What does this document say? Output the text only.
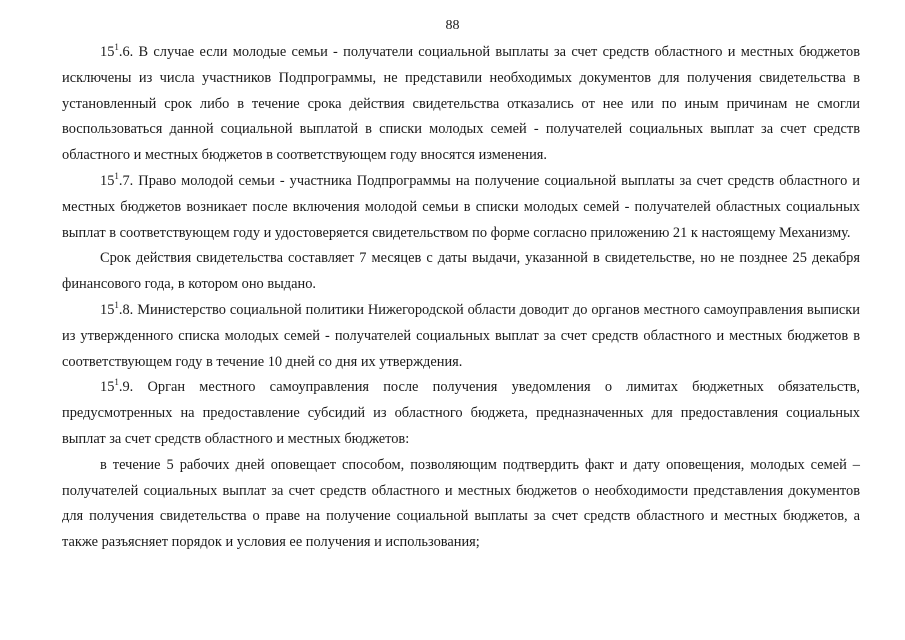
88

$15^1.6$. В случае если молодые семьи - получатели социальной выплаты за счет средств областного и местных бюджетов исключены из числа участников Подпрограммы, не представили необходимых документов для получения свидетельства в установленный срок либо в течение срока действия свидетельства отказались от нее или по иным причинам не смогли воспользоваться данной социальной выплатой в списки молодых семей - получателей социальных выплат за счет средств областного и местных бюджетов в соответствующем году вносятся изменения.

$15^1.7$. Право молодой семьи - участника Подпрограммы на получение социальной выплаты за счет средств областного и местных бюджетов возникает после включения молодой семьи в списки молодых семей - получателей областных социальных выплат в соответствующем году и удостоверяется свидетельством по форме согласно приложению 21 к настоящему Механизму.

Срок действия свидетельства составляет 7 месяцев с даты выдачи, указанной в свидетельстве, но не позднее 25 декабря финансового года, в котором оно выдано.

$15^1.8$. Министерство социальной политики Нижегородской области доводит до органов местного самоуправления выписки из утвержденного списка молодых семей - получателей социальных выплат за счет средств областного и местных бюджетов в соответствующем году в течение 10 дней со дня их утверждения.

$15^1.9$. Орган местного самоуправления после получения уведомления о лимитах бюджетных обязательств, предусмотренных на предоставление субсидий из областного бюджета, предназначенных для предоставления социальных выплат за счет средств областного и местных бюджетов:

в течение 5 рабочих дней оповещает способом, позволяющим подтвердить факт и дату оповещения, молодых семей – получателей социальных выплат за счет средств областного и местных бюджетов о необходимости представления документов для получения свидетельства о праве на получение социальной выплаты за счет средств областного и местных бюджетов, а также разъясняет порядок и условия ее получения и использования;
